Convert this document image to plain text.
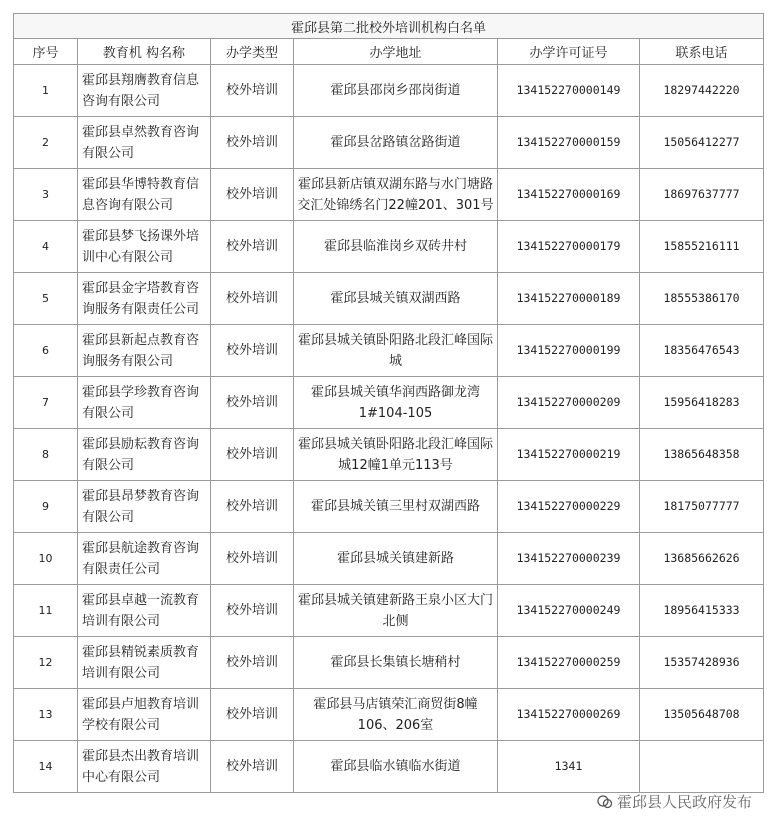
霍邱县第二批校外培训机构白名单					
序号	教育机 构名称	办学类型	办学地址	办学许可证号	联系电话
1	霍邱县翔膺教育信息咨询有限公司	校外培训	霍邱县邵岗乡邵岗街道	134152270000149	18297442220
2	霍邱县卓然教育咨询有限公司	校外培训	霍邱县岔路镇岔路街道	134152270000159	15056412277
3	霍邱县华博特教育信息咨询有限公司	校外培训	霍邱县新店镇双湖东路与水门塘路交汇处锦绣名门22幢201、301号	134152270000169	18697637777
4	霍邱县梦飞扬课外培训中心有限公司	校外培训	霍邱县临淮岗乡双砖井村	134152270000179	15855216111
5	霍邱县金字塔教育咨询服务有限责任公司	校外培训	霍邱县城关镇双湖西路	134152270000189	18555386170
6	霍邱县新起点教育咨询服务有限公司	校外培训	霍邱县城关镇卧阳路北段汇峰国际城	134152270000199	18356476543
7	霍邱县学珍教育咨询有限公司	校外培训	霍邱县城关镇华润西路御龙湾1#104-105	134152270000209	15956418283
8	霍邱县励耘教育咨询有限公司	校外培训	霍邱县城关镇卧阳路北段汇峰国际城12幢1单元113号	134152270000219	13865648358
9	霍邱县昂梦教育咨询有限公司	校外培训	霍邱县城关镇三里村双湖西路	134152270000229	18175077777
10	霍邱县航途教育咨询有限责任公司	校外培训	霍邱县城关镇建新路	134152270000239	13685662626
11	霍邱县卓越一流教育培训有限公司	校外培训	霍邱县城关镇建新路王泉小区大门北侧	134152270000249	18956415333
12	霍邱县精锐素质教育培训有限公司	校外培训	霍邱县长集镇长塘稍村	134152270000259	15357428936
13	霍邱县卢旭教育培训学校有限公司	校外培训	霍邱县马店镇荣汇商贸街8幢106、206室	134152270000269	13505648708
14	霍邱县杰出教育培训中心有限公司	校外培训	霍邱县临水镇临水街道	1341	
霍邱县人民政府发布
